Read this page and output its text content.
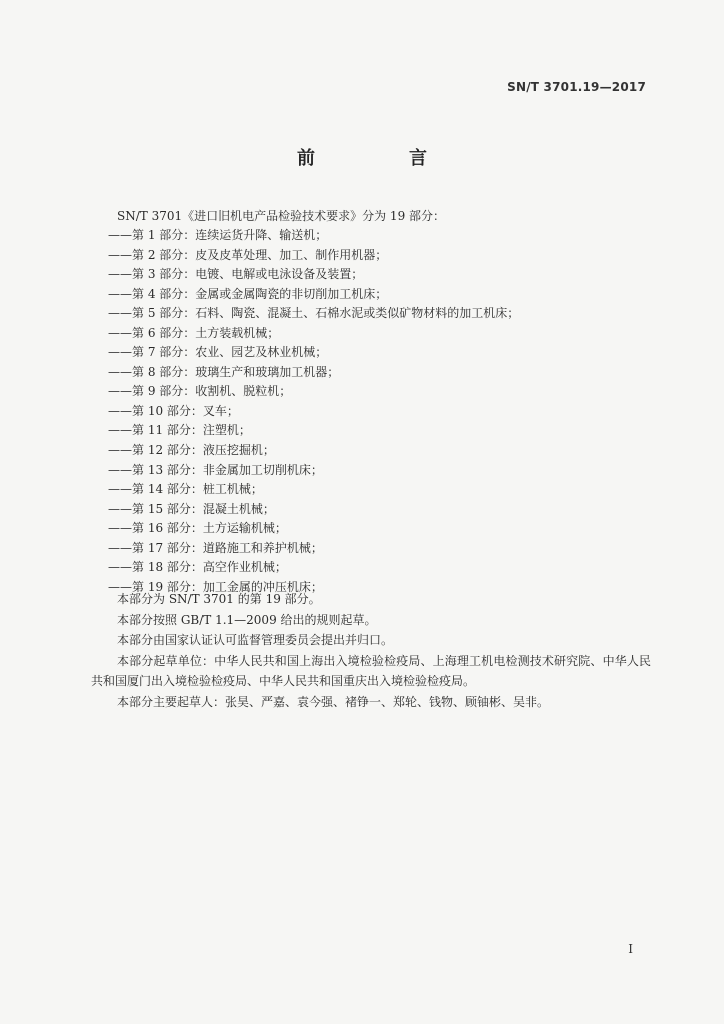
SN/T 3701.19—2017
前　言
SN/T 3701《进口旧机电产品检验技术要求》分为 19 部分：
——第 1 部分：连续运货升降、输送机；
——第 2 部分：皮及皮革处理、加工、制作用机器；
——第 3 部分：电镀、电解或电泳设备及装置；
——第 4 部分：金属或金属陶瓷的非切削加工机床；
——第 5 部分：石料、陶瓷、混凝土、石棉水泥或类似矿物材料的加工机床；
——第 6 部分：土方装载机械；
——第 7 部分：农业、园艺及林业机械；
——第 8 部分：玻璃生产和玻璃加工机器；
——第 9 部分：收割机、脱粒机；
——第 10 部分：叉车；
——第 11 部分：注塑机；
——第 12 部分：液压挖掘机；
——第 13 部分：非金属加工切削机床；
——第 14 部分：桩工机械；
——第 15 部分：混凝土机械；
——第 16 部分：土方运输机械；
——第 17 部分：道路施工和养护机械；
——第 18 部分：高空作业机械；
——第 19 部分：加工金属的冲压机床；

本部分为 SN/T 3701 的第 19 部分。

本部分按照 GB/T 1.1—2009 给出的规则起草。

本部分由国家认证认可监督管理委员会提出并归口。

本部分起草单位：中华人民共和国上海出入境检验检疫局、上海理工机电检测技术研究院、中华人民共和国厦门出入境检验检疫局、中华人民共和国重庆出入境检验检疫局。

本部分主要起草人：张昊、严嘉、袁今强、褚铮一、郑轮、钱物、顾铀彬、吴非。

I
